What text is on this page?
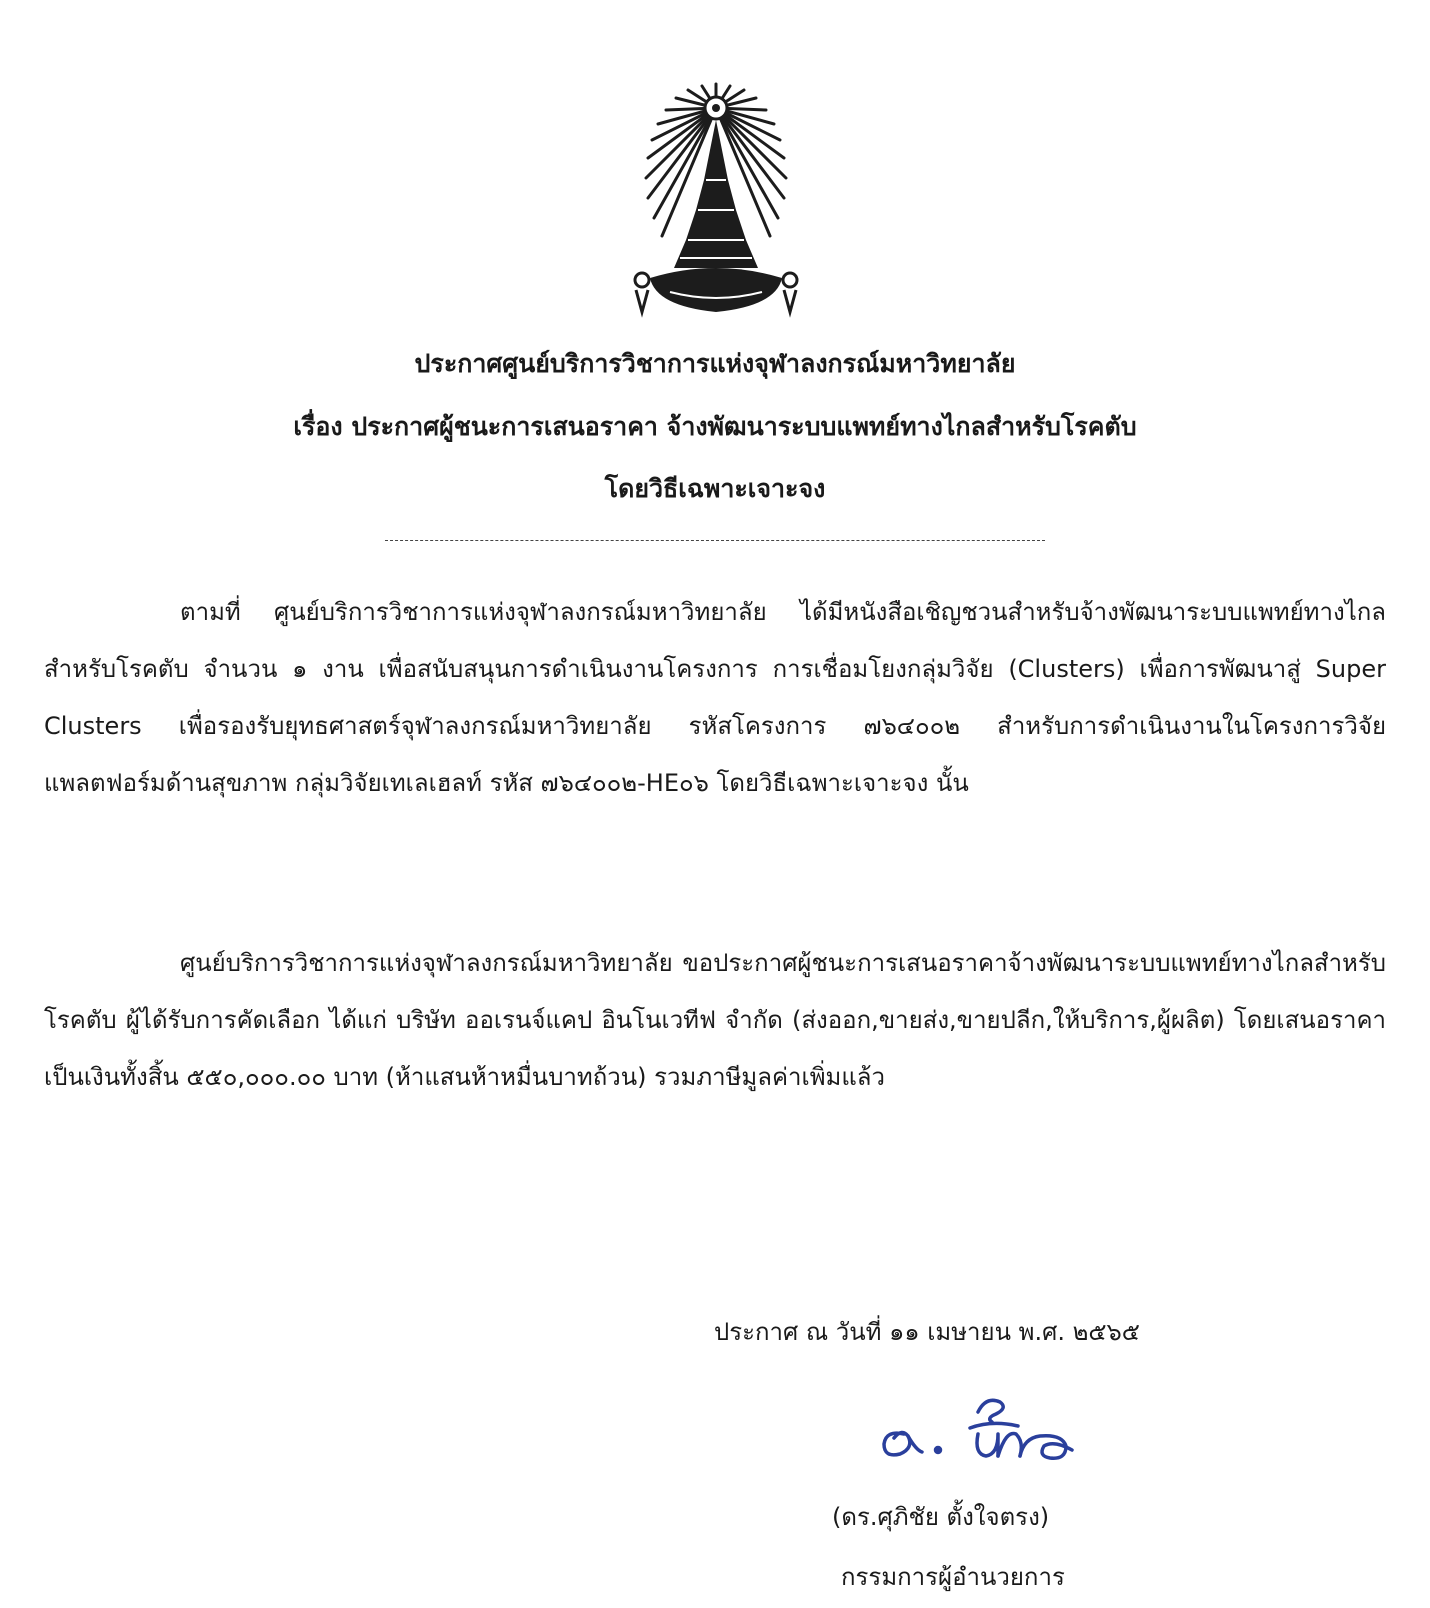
ประกาศศูนย์บริการวิชาการแห่งจุฬาลงกรณ์มหาวิทยาลัย
เรื่อง ประกาศผู้ชนะการเสนอราคา จ้างพัฒนาระบบแพทย์ทางไกลสำหรับโรคตับ
โดยวิธีเฉพาะเจาะจง
ตามที่ ศูนย์บริการวิชาการแห่งจุฬาลงกรณ์มหาวิทยาลัย ได้มีหนังสือเชิญชวนสำหรับจ้างพัฒนาระบบแพทย์ทางไกลสำหรับโรคตับ จำนวน ๑ งาน เพื่อสนับสนุนการดำเนินงานโครงการ การเชื่อมโยงกลุ่มวิจัย (Clusters) เพื่อการพัฒนาสู่ Super Clusters เพื่อรองรับยุทธศาสตร์จุฬาลงกรณ์มหาวิทยาลัย รหัสโครงการ ๗๖๔๐๐๒ สำหรับการดำเนินงานในโครงการวิจัยแพลตฟอร์มด้านสุขภาพ กลุ่มวิจัยเทเลเฮลท์ รหัส ๗๖๔๐๐๒-HE๐๖ โดยวิธีเฉพาะเจาะจง นั้น
ศูนย์บริการวิชาการแห่งจุฬาลงกรณ์มหาวิทยาลัย ขอประกาศผู้ชนะการเสนอราคาจ้างพัฒนาระบบแพทย์ทางไกลสำหรับโรคตับ ผู้ได้รับการคัดเลือก ได้แก่ บริษัท ออเรนจ์แคป อินโนเวทีฟ จำกัด (ส่งออก,ขายส่ง,ขายปลีก,ให้บริการ,ผู้ผลิต) โดยเสนอราคาเป็นเงินทั้งสิ้น ๕๕๐,๐๐๐.๐๐ บาท (ห้าแสนห้าหมื่นบาทถ้วน) รวมภาษีมูลค่าเพิ่มแล้ว
ประกาศ ณ วันที่ ๑๑ เมษายน พ.ศ. ๒๕๖๕
(ดร.ศุภิชัย ตั้งใจตรง)
กรรมการผู้อำนวยการ
